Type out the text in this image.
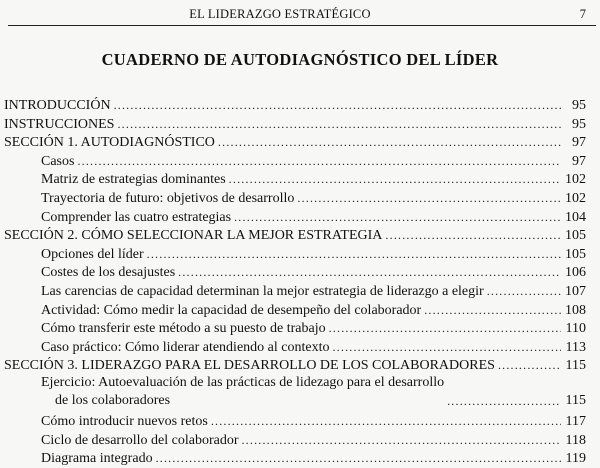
EL LIDERAZGO ESTRATÉGICO	7
CUADERNO DE AUTODIAGNÓSTICO DEL LÍDER
INTRODUCCIÓN .....	95
INSTRUCCIONES .....	95
SECCIÓN 1. AUTODIAGNÓSTICO .....	97
Casos .....	97
Matriz de estrategias dominantes .....	102
Trayectoria de futuro: objetivos de desarrollo .....	102
Comprender las cuatro estrategias .....	104
SECCIÓN 2. CÓMO SELECCIONAR LA MEJOR ESTRATEGIA .....	105
Opciones del líder .....	105
Costes de los desajustes .....	106
Las carencias de capacidad determinan la mejor estrategia de liderazgo a elegir .....	107
Actividad: Cómo medir la capacidad de desempeño del colaborador .....	108
Cómo transferir este método a su puesto de trabajo .....	110
Caso práctico: Cómo liderar atendiendo al contexto .....	113
SECCIÓN 3. LIDERAZGO PARA EL DESARROLLO DE LOS COLABORADORES .....	115
Ejercicio: Autoevaluación de las prácticas de lidezago para el desarrollo
de los colaboradores .....	115
Cómo introducir nuevos retos .....	117
Ciclo de desarrollo del colaborador .....	118
Diagrama integrado .....	119
